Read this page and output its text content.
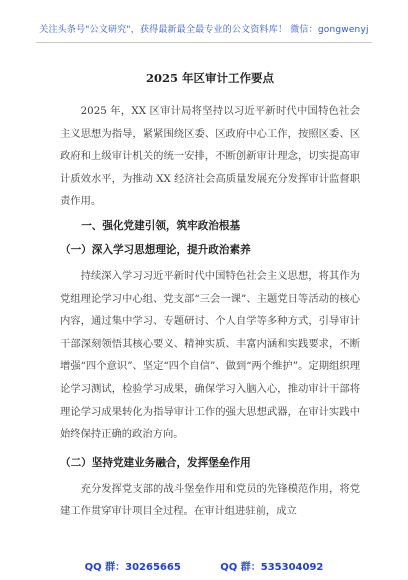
关注头条号"公文研究"，获得最新最全最专业的公文资料库！ 微信：gongwenyj
2025 年区审计工作要点

2025 年，XX 区审计局将坚持以习近平新时代中国特色社会主义思想为指导，紧紧围绕区委、区政府中心工作，按照区委、区政府和上级审计机关的统一安排，不断创新审计理念，切实提高审计质效水平，为推动 XX 经济社会高质量发展充分发挥审计监督职责作用。

一、强化党建引领，筑牢政治根基
（一）深入学习思想理论，提升政治素养

持续深入学习习近平新时代中国特色社会主义思想，将其作为党组理论学习中心组、党支部“三会一课”、主题党日等活动的核心内容，通过集中学习、专题研讨、个人自学等多种方式，引导审计干部深刻领悟其核心要义、精神实质、丰富内涵和实践要求，不断增强“四个意识”、坚定“四个自信”、做到“两个维护”。定期组织理论学习测试，检验学习成果，确保学习入脑入心，推动审计干部将理论学习成果转化为指导审计工作的强大思想武器，在审计实践中始终保持正确的政治方向。

（二）坚持党建业务融合，发挥堡垒作用

充分发挥党支部的战斗堡垒作用和党员的先锋模范作用，将党建工作贯穿审计项目全过程。在审计组进驻前，成立

QQ 群：30265665	QQ 群：535304092
